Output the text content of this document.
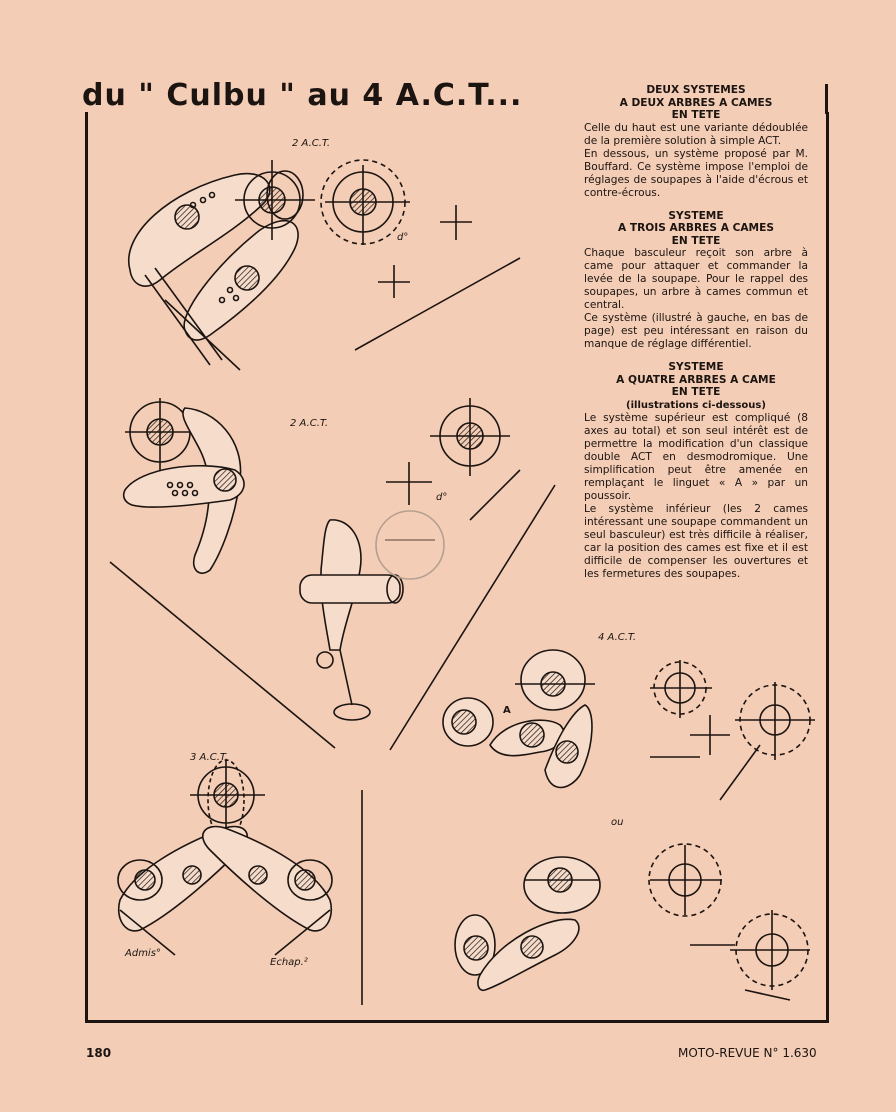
du " Culbu " au 4 A.C.T...
2 A.C.T.
d°
2 A.C.T.
d°
3 A.C.T.
Admis°
Echap.²
4 A.C.T.
ou
A
DEUX SYSTEMES
A DEUX ARBRES A CAMES
EN TETE

Celle du haut est une variante dédoublée de la première solution à simple ACT.

En dessous, un système proposé par M. Bouffard. Ce système impose l'emploi de réglages de soupapes à l'aide d'écrous et contre-écrous.

SYSTEME
A TROIS ARBRES A CAMES
EN TETE

Chaque basculeur reçoit son arbre à came pour attaquer et commander la levée de la soupape. Pour le rappel des soupapes, un arbre à cames commun et central.

Ce système (illustré à gauche, en bas de page) est peu intéressant en raison du manque de réglage différentiel.

SYSTEME
A QUATRE ARBRES A CAME
EN TETE
(illustrations ci-dessous)

Le système supérieur est compliqué (8 axes au total) et son seul intérêt est de permettre la modification d'un classique double ACT en desmodromique. Une simplification peut être amenée en remplaçant le linguet « A » par un poussoir.

Le système inférieur (les 2 cames intéressant une soupape commandent un seul basculeur) est très difficile à réaliser, car la position des cames est fixe et il est difficile de compenser les ouvertures et les fermetures des soupapes.

180	MOTO-REVUE N° 1.630
